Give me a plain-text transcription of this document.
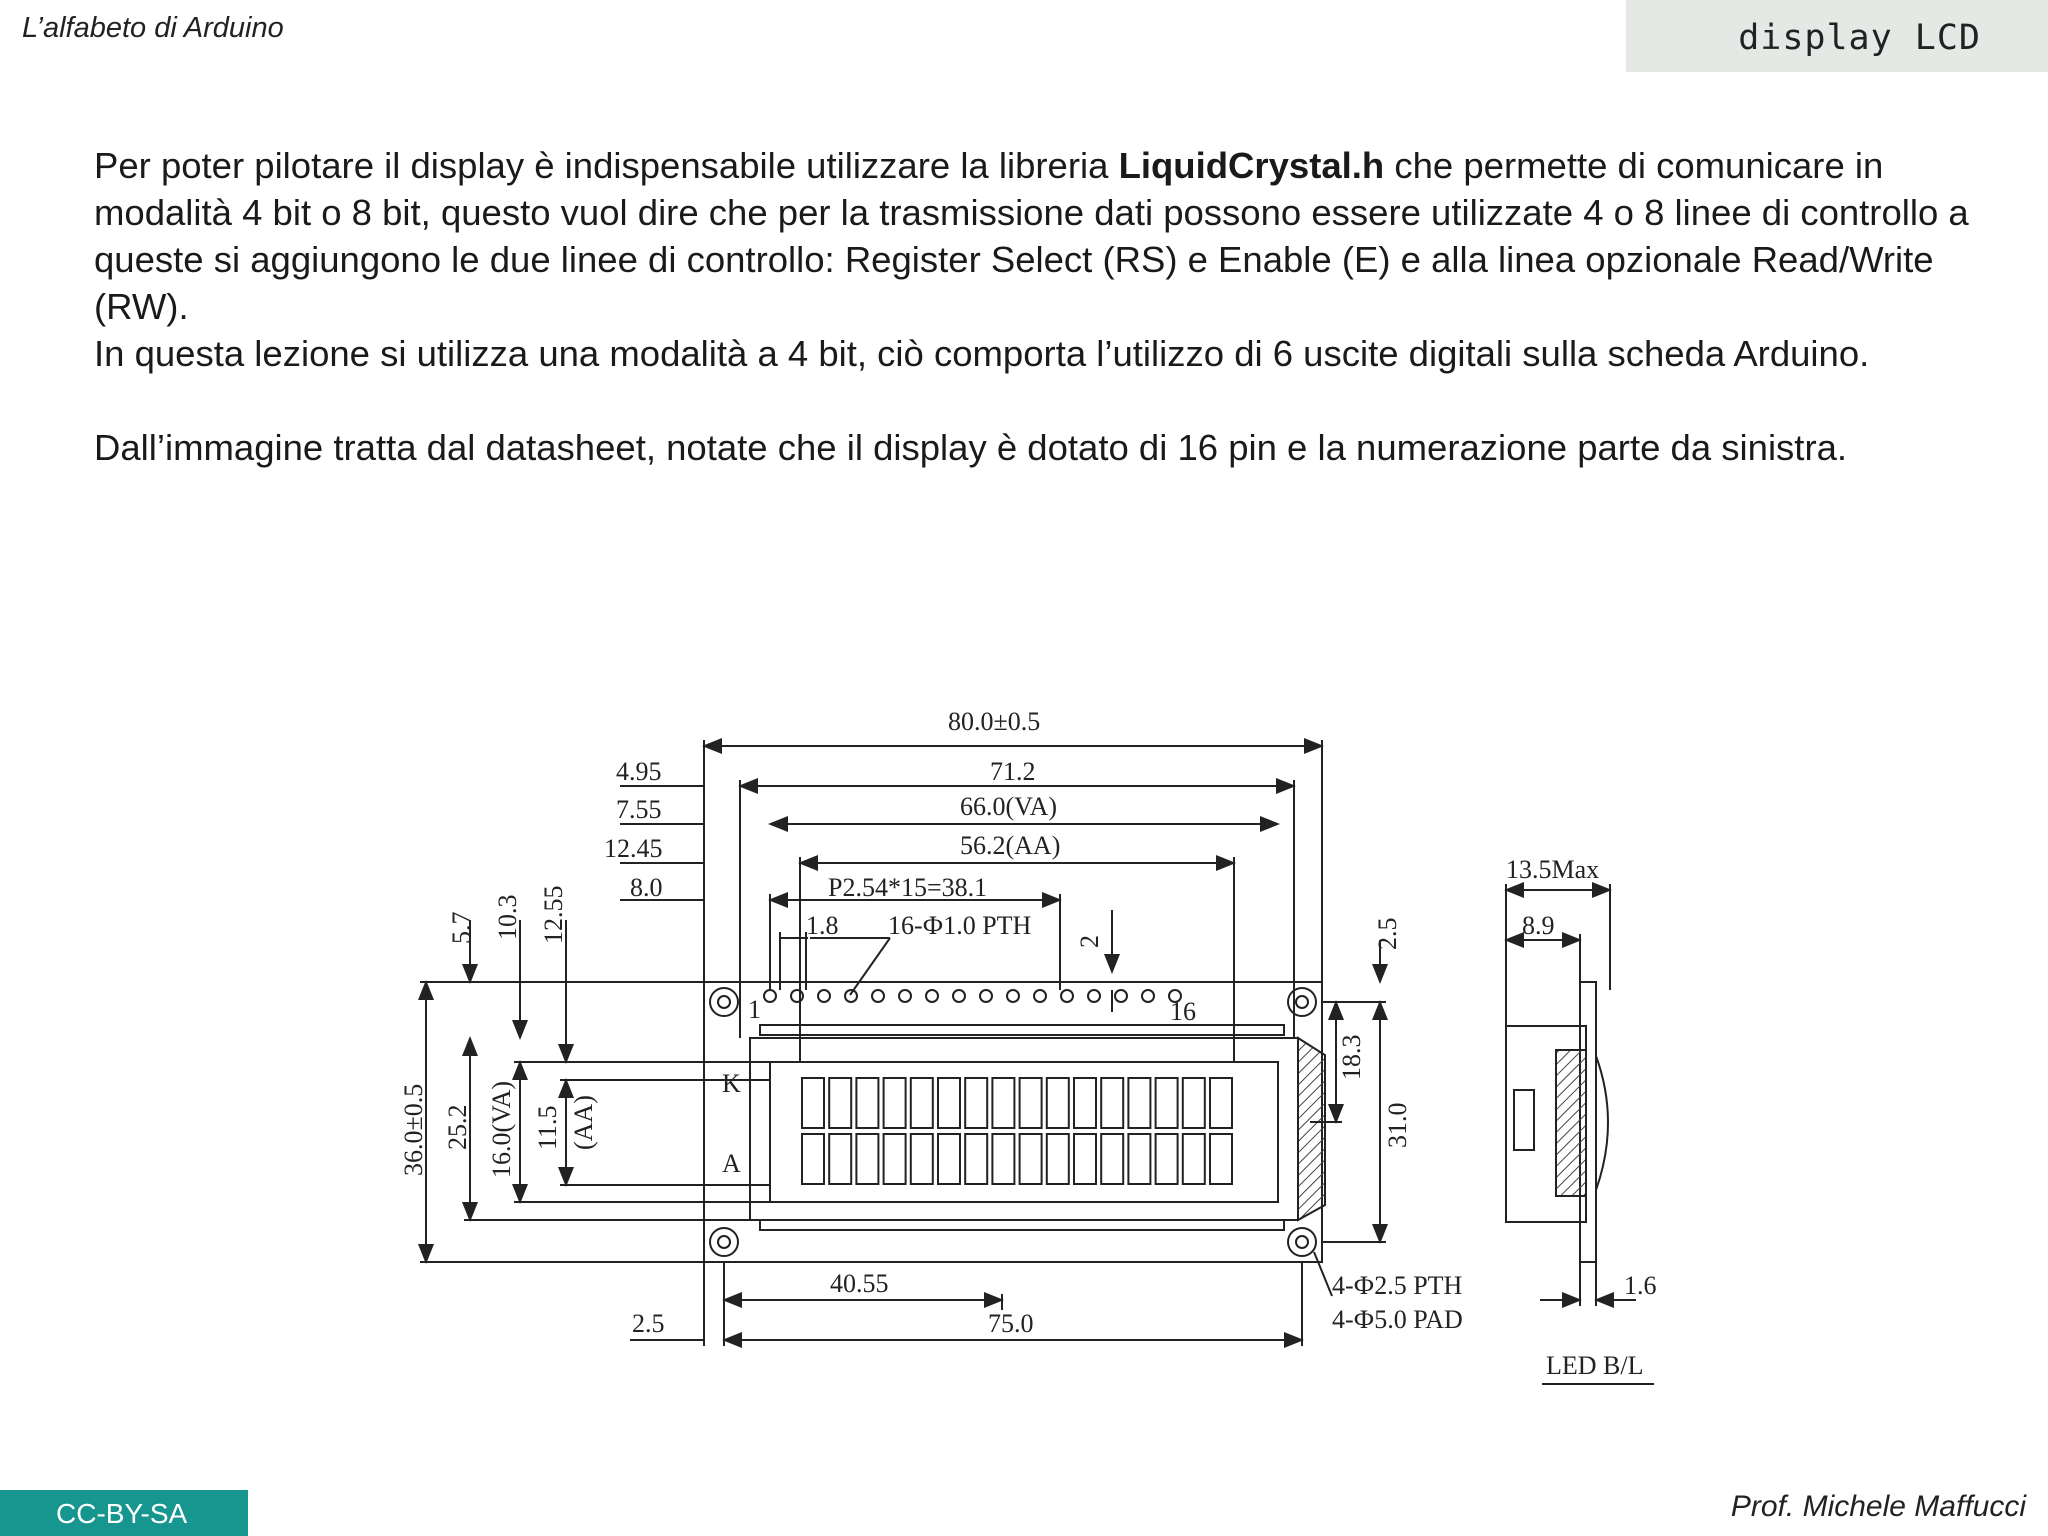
L’alfabeto di Arduino	display LCD

Per poter pilotare il display è indispensabile utilizzare la libreria LiquidCrystal.h che permette di comunicare in modalità 4 bit o 8 bit, questo vuol dire che per la trasmissione dati possono essere utilizzate 4 o 8 linee di controllo a queste si aggiungono le due linee di controllo: Register Select (RS) e Enable (E) e alla linea opzionale Read/Write (RW).

In questa lezione si utilizza una modalità a 4 bit, ciò comporta l’utilizzo di 6 uscite digitali sulla scheda Arduino.

Dall’immagine tratta dal datasheet, notate che il display è dotato di 16 pin e la numerazione parte da sinistra.

80.0±0.5
71.2
66.0(VA)
56.2(AA)
P2.54*15=38.1
4.95
7.55
12.45
8.0
1.8 16-Ф1.0 PTH
2
5.7 10.3 12.55	2.5
36.0±0.5 25.2 16.0(VA) 11.5 (AA)
18.3
31.0
1	16
K
A
40.55
2.5	75.0
4-Ф2.5 PTH
4-Ф5.0 PAD
13.5Max
8.9
1.6
LED B/L
CC-BY-SA	Prof. Michele Maffucci
